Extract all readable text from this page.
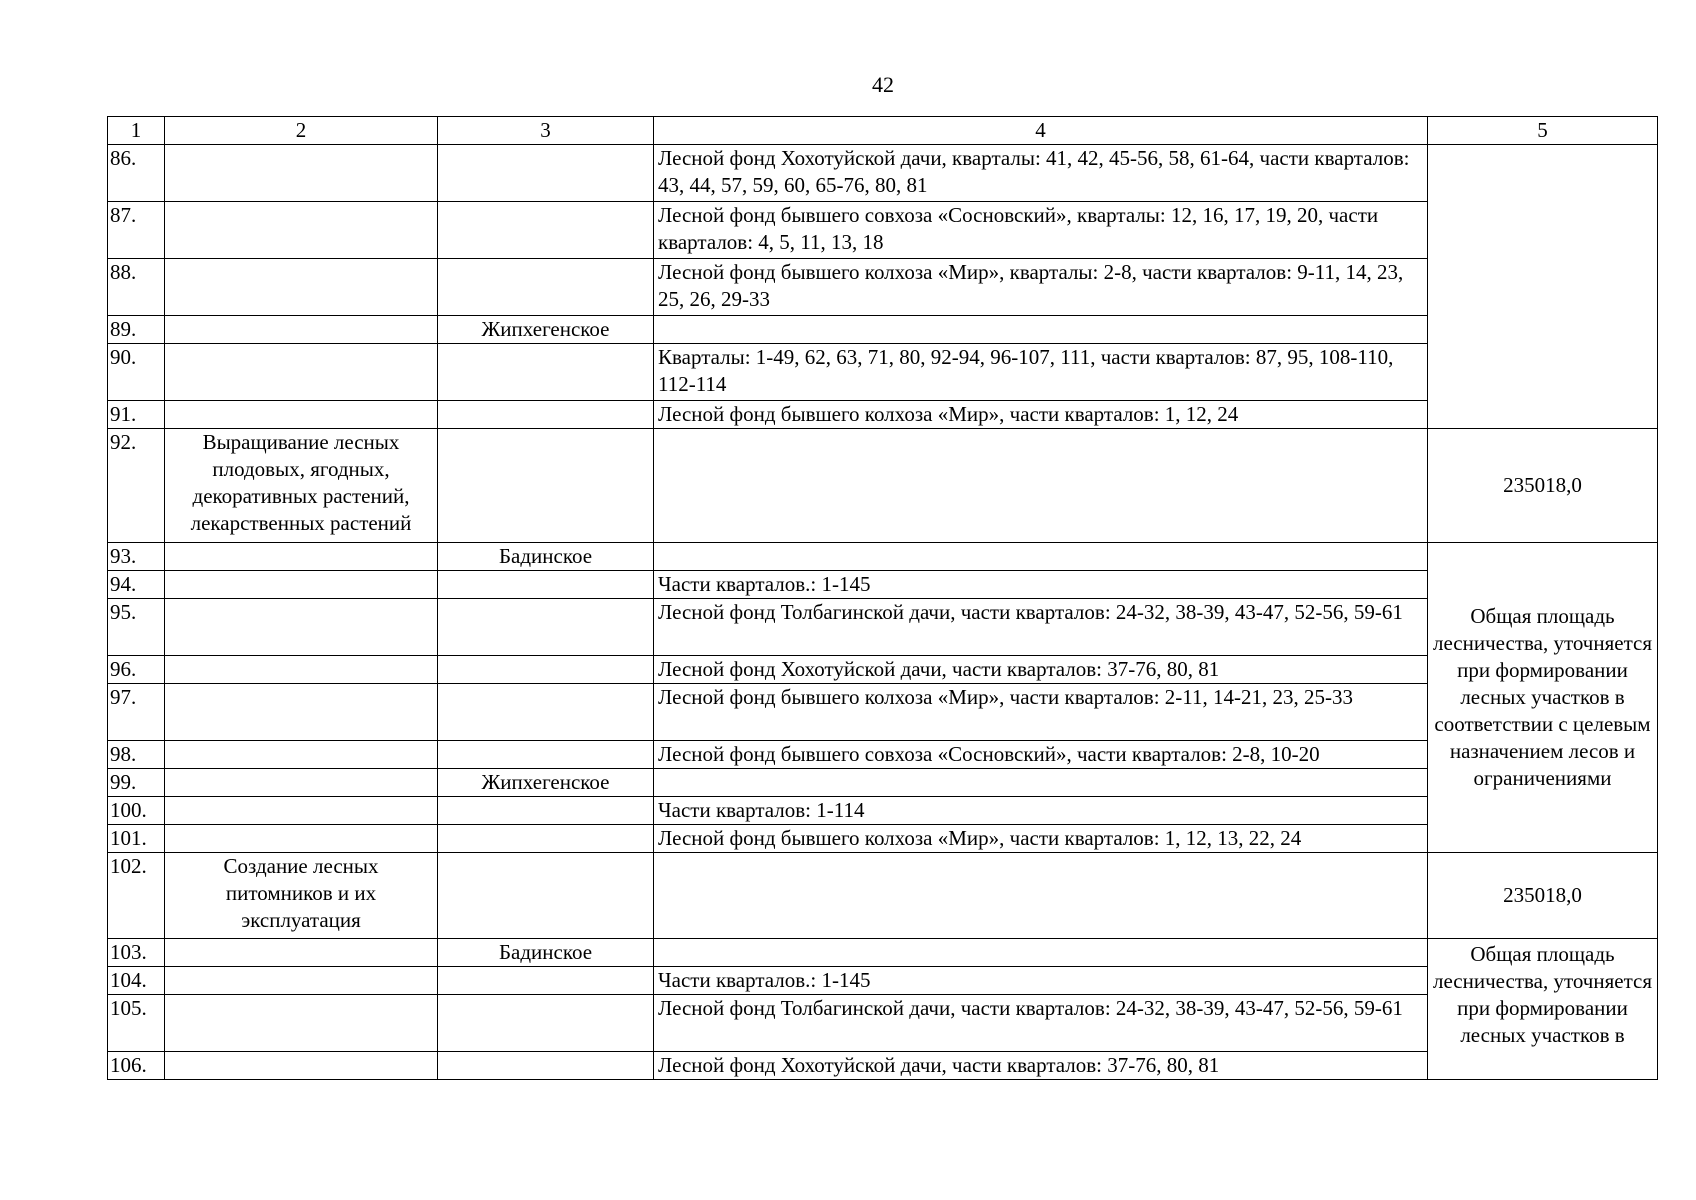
42
1	2	3	4	5
86.			Лесной фонд Хохотуйской дачи, кварталы: 41, 42, 45-56, 58, 61-64, части кварталов: 43, 44, 57, 59, 60, 65-76, 80, 81	
87.			Лесной фонд бывшего совхоза «Сосновский», кварталы: 12, 16, 17, 19, 20, части кварталов: 4, 5, 11, 13, 18	
88.			Лесной фонд бывшего колхоза «Мир», кварталы: 2-8, части кварталов: 9-11, 14, 23, 25, 26, 29-33	
89.		Жипхегенское		
90.			Кварталы: 1-49, 62, 63, 71, 80, 92-94, 96-107, 111, части кварталов: 87, 95, 108-110, 112-114	
91.			Лесной фонд бывшего колхоза «Мир», части кварталов: 1, 12, 24	
92.	Выращивание лесных плодовых, ягодных, декоративных растений, лекарственных растений			235018,0
93.		Бадинское		Общая площадь лесничества, уточняется при формировании лесных участков в соответствии с целевым назначением лесов и ограничениями
94.			Части кварталов.: 1-145	
95.			Лесной фонд Толбагинской дачи, части кварталов: 24-32, 38-39, 43-47, 52-56, 59-61	
96.			Лесной фонд Хохотуйской дачи, части кварталов: 37-76, 80, 81	
97.			Лесной фонд бывшего колхоза «Мир», части кварталов: 2-11, 14-21, 23, 25-33	
98.			Лесной фонд бывшего совхоза «Сосновский», части кварталов: 2-8, 10-20	
99.		Жипхегенское		
100.			Части кварталов: 1-114	
101.			Лесной фонд бывшего колхоза «Мир», части кварталов: 1, 12, 13, 22, 24	
102.	Создание лесных питомников и их эксплуатация			235018,0
103.		Бадинское		Общая площадь лесничества, уточняется при формировании лесных участков в
104.			Части кварталов.: 1-145	
105.			Лесной фонд Толбагинской дачи, части кварталов: 24-32, 38-39, 43-47, 52-56, 59-61	
106.			Лесной фонд Хохотуйской дачи, части кварталов: 37-76, 80, 81	
